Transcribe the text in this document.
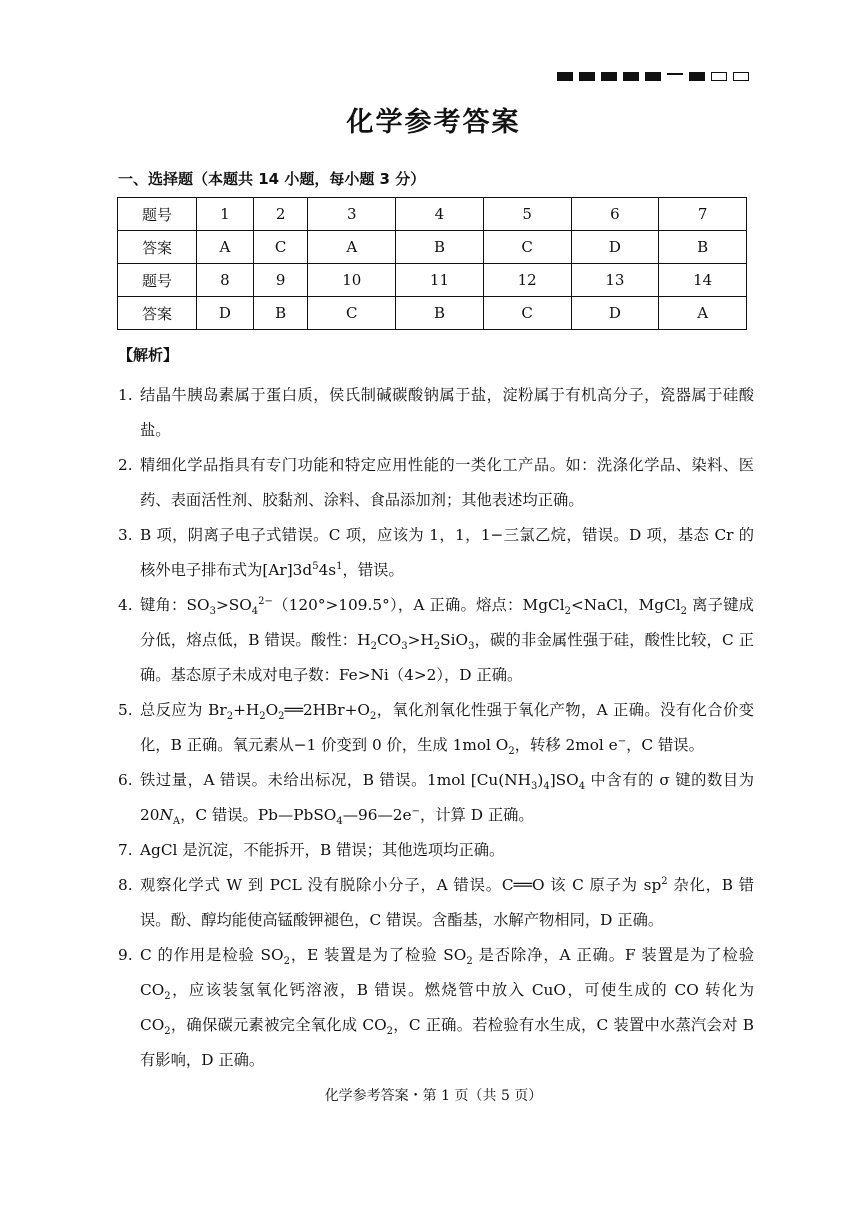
化学参考答案
一、选择题（本题共 14 小题，每小题 3 分）
题号	1	2	3	4	5	6	7
答案	A	C	A	B	C	D	B
题号	8	9	10	11	12	13	14
答案	D	B	C	B	C	D	A
【解析】
1. 结晶牛胰岛素属于蛋白质，侯氏制碱碳酸钠属于盐，淀粉属于有机高分子，瓷器属于硅酸盐。
2. 精细化学品指具有专门功能和特定应用性能的一类化工产品。如：洗涤化学品、染料、医药、表面活性剂、胶黏剂、涂料、食品添加剂；其他表述均正确。
3. B 项，阴离子电子式错误。C 项，应该为 1，1，1−三氯乙烷，错误。D 项，基态 Cr 的核外电子排布式为$[Ar]3d^54s^1$，错误。
4. 键角：$SO_3>SO_4^{2-}(120^\circ>109.5^\circ)$，A 正确。熔点：MgCl$_2$<NaCl，MgCl$_2$ 离子键成分低，熔点低，B 错误。酸性：$H_2CO_3>H_2SiO_3$，碳的非金属性强于硅，酸性比较，C 正确。基态原子未成对电子数：Fe>Ni（4>2），D 正确。
5. 总反应为 $Br_2+H_2O_2══2HBr+O_2$，氧化剂氧化性强于氧化产物，A 正确。没有化合价变化，B 正确。氧元素从−1 价变到 0 价，生成 1mol $O_2$，转移 2mol e−，C 错误。
6. 铁过量，A 错误。未给出标况，B 错误。1mol $[Cu(NH_3)_4]SO_4$ 中含有的 σ 键的数目为 $20N_A$，C 错误。Pb—PbSO$_4$—96—2e−，计算 D 正确。
7. AgCl 是沉淀，不能拆开，B 错误；其他选项均正确。
8. 观察化学式 W 到 PCL 没有脱除小分子，A 错误。C══O 该 C 原子为 $sp^2$ 杂化，B 错误。酚、醇均能使高锰酸钾褪色，C 错误。含酯基，水解产物相同，D 正确。
9. C 的作用是检验 $SO_2$，E 装置是为了检验 $SO_2$ 是否除净，A 正确。F 装置是为了检验 $CO_2$，应该装氢氧化钙溶液，B 错误。燃烧管中放入 CuO，可使生成的 CO 转化为 $CO_2$，确保碳元素被完全氧化成 $CO_2$，C 正确。若检验有水生成，C 装置中水蒸汽会对 B 有影响，D 正确。
化学参考答案・第 1 页（共 5 页）
